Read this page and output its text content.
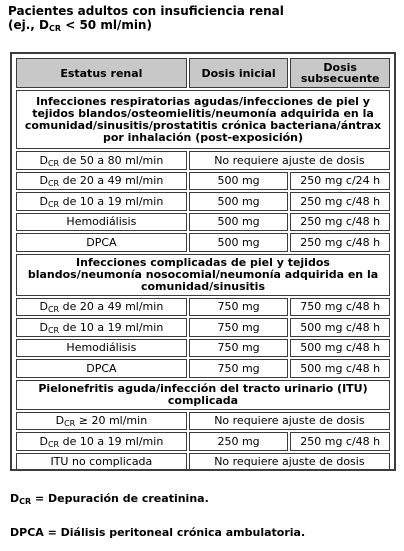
Pacientes adultos con insuficiencia renal
(ej., $D_{CR} < 50$ ml/min)
Estatus renal	Dosis inicial	Dosis subsecuente
Infecciones respiratorias agudas/infecciones de piel y tejidos blandos/osteomielitis/neumonía adquirida en la comunidad/sinusitis/prostatitis crónica bacteriana/ántrax por inhalación (post-exposición)		
$D_{CR}$ de 50 a 80 ml/min	No requiere ajuste de dosis	
$D_{CR}$ de 20 a 49 ml/min	500 mg	250 mg c/24 h
$D_{CR}$ de 10 a 19 ml/min	500 mg	250 mg c/48 h
Hemodiálisis	500 mg	250 mg c/48 h
DPCA	500 mg	250 mg c/48 h
Infecciones complicadas de piel y tejidos blandos/neumonía nosocomial/neumonía adquirida en la comunidad/sinusitis		
$D_{CR}$ de 20 a 49 ml/min	750 mg	750 mg c/48 h
$D_{CR}$ de 10 a 19 ml/min	750 mg	500 mg c/48 h
Hemodiálisis	750 mg	500 mg c/48 h
DPCA	750 mg	500 mg c/48 h
Pielonefritis aguda/infección del tracto urinario (ITU) complicada		
$D_{CR} \ge 20$ ml/min	No requiere ajuste de dosis	
$D_{CR}$ de 10 a 19 ml/min	250 mg	250 mg c/48 h
ITU no complicada	No requiere ajuste de dosis	
$D_{CR}$ = Depuración de creatinina.
DPCA = Diálisis peritoneal crónica ambulatoria.
